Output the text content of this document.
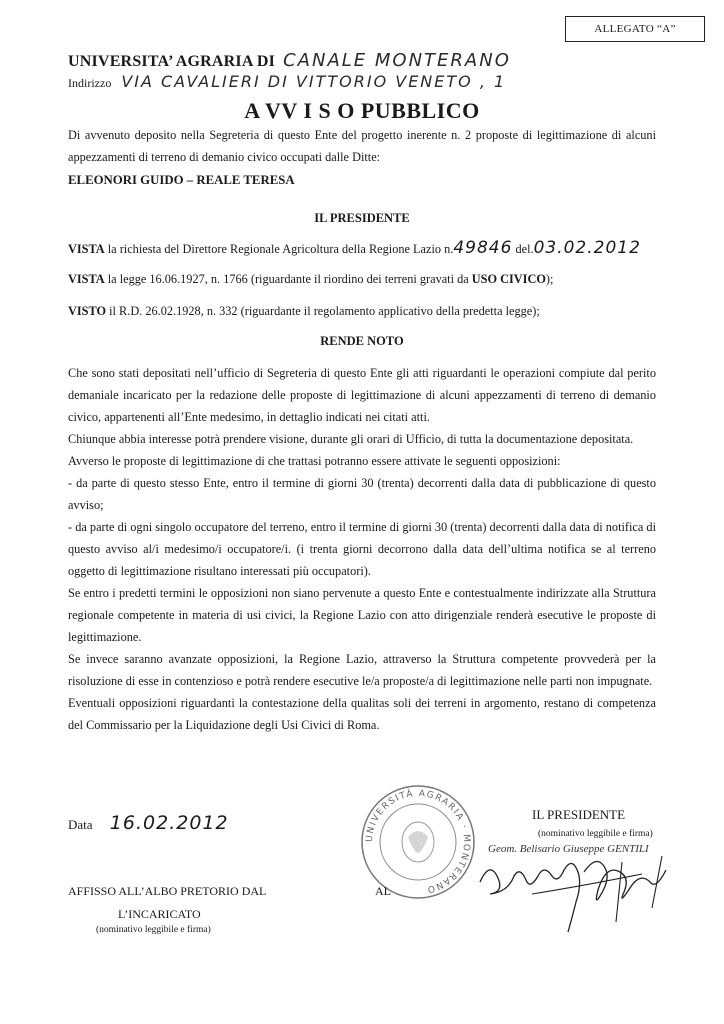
ALLEGATO “A”
UNIVERSITA’ AGRARIA DI CANALE MONTERANO
Indirizzo VIA CAVALIERI DI VITTORIO VENETO , 1
A VV I S O PUBBLICO
Di avvenuto deposito nella Segreteria di questo Ente del progetto inerente n. 2 proposte di legittimazione di alcuni appezzamenti di terreno di demanio civico occupati dalle Ditte:
ELEONORI GUIDO – REALE TERESA
IL PRESIDENTE
VISTA la richiesta del Direttore Regionale Agricoltura della Regione Lazio n.49846 del.03.02.2012
VISTA la legge 16.06.1927, n. 1766 (riguardante il riordino dei terreni gravati da USO CIVICO);
VISTO il R.D. 26.02.1928, n. 332 (riguardante il regolamento applicativo della predetta legge);
RENDE NOTO
Che sono stati depositati nell’ufficio di Segreteria di questo Ente gli atti riguardanti le operazioni compiute dal perito demaniale incaricato per la redazione delle proposte di legittimazione di alcuni appezzamenti di terreno di demanio civico, appartenenti all’Ente medesimo, in dettaglio indicati nei citati atti.
Chiunque abbia interesse potrà prendere visione, durante gli orari di Ufficio, di tutta la documentazione depositata.
Avverso le proposte di legittimazione di che trattasi potranno essere attivate le seguenti opposizioni:
- da parte di questo stesso Ente, entro il termine di giorni 30 (trenta) decorrenti dalla data di pubblicazione di questo avviso;
- da parte di ogni singolo occupatore del terreno, entro il termine di giorni 30 (trenta) decorrenti dalla data di notifica di questo avviso al/i medesimo/i occupatore/i. (i trenta giorni decorrono dalla data dell’ultima notifica se al terreno oggetto di legittimazione risultano interessati più occupatori).
Se entro i predetti termini le opposizioni non siano pervenute a questo Ente e contestualmente indirizzate alla Struttura regionale competente in materia di usi civici, la Regione Lazio con atto dirigenziale renderà esecutive le proposte di legittimazione.
Se invece saranno avanzate opposizioni, la Regione Lazio, attraverso la Struttura competente provvederà per la risoluzione di esse in contenzioso e potrà rendere esecutive le/a proposte/a di legittimazione nelle parti non impugnate.
Eventuali opposizioni riguardanti la contestazione della qualitas soli dei terreni in argomento, restano di competenza del Commissario per la Liquidazione degli Usi Civici di Roma.
Data 16.02.2012
UNIVERSITÀ AGRARIA · MONTERANO
IL PRESIDENTE
(nominativo leggibile e firma)
Geom. Belisario Giuseppe GENTILI
AFFISSO ALL’ALBO PRETORIO DAL	AL
L’INCARICATO
(nominativo leggibile e firma)
